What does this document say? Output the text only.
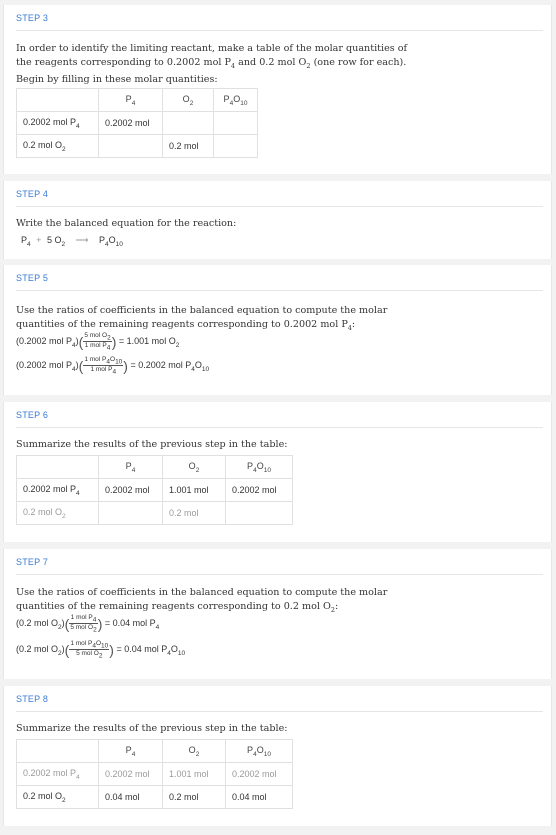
STEP 3
In order to identify the limiting reactant, make a table of the molar quantities of
the reagents corresponding to 0.2002 mol $P_4$ and 0.2 mol $O_2$ (one row for each).
Begin by filling in these molar quantities:
	$P_4$	$O_2$	$P_4O_{10}$
0.2002 mol $P_4$	0.2002 mol		
0.2 mol $O_2$		0.2 mol	
STEP 4
Write the balanced equation for the reaction:
$P_4 + 5$ $O_2$ ⟶ $P_4O_{10}$
STEP 5
Use the ratios of coefficients in the balanced equation to compute the molar
quantities of the remaining reagents corresponding to 0.2002 mol $P_4$:
(0.2002 mol $P_4)( \frac{5 mol O_2}{1 mol P_4}$ ) = 1.001 mol $O_2$
(0.2002 mol $P_4)( \frac{1 mol P_4O_{10}}{1 mol P_4}$ ) = 0.2002 mol $P_4O_{10}$
STEP 6
Summarize the results of the previous step in the table:
	$P_4$	$O_2$	$P_4O_{10}$
0.2002 mol $P_4$	0.2002 mol	1.001 mol	0.2002 mol
0.2 mol $O_2$		0.2 mol	
STEP 7
Use the ratios of coefficients in the balanced equation to compute the molar
quantities of the remaining reagents corresponding to 0.2 mol $O_2$:
(0.2 mol $O_2)( \frac{1 mol P_4}{5 mol O_2}$ ) = 0.04 mol $P_4$
(0.2 mol $O_2)( \frac{1 mol P_4O_{10}}{5 mol O_2}$ ) = 0.04 mol $P_4O_{10}$
STEP 8
Summarize the results of the previous step in the table:
	$P_4$	$O_2$	$P_4O_{10}$
0.2002 mol $P_4$	0.2002 mol	1.001 mol	0.2002 mol
0.2 mol $O_2$	0.04 mol	0.2 mol	0.04 mol
